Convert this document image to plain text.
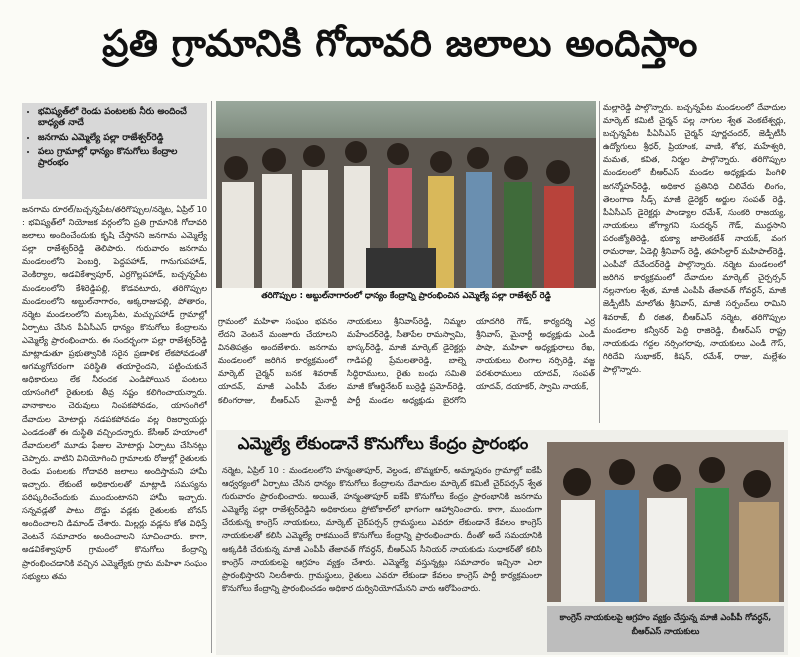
ప్రతి గ్రామానికి గోదావరి జలాలు అందిస్తాం
• భవిష్యత్‌లో రెండు పంటలకు నీరు అందించే బాధ్యత నాదే
• జనగామ ఎమ్మెల్యే పల్లా రాజేశ్వర్‌రెడ్డి
• పలు గ్రామాల్లో ధాన్యం కొనుగోలు కేంద్రాల ప్రారంభం

జనగామ రూరల్/బచ్చన్నపేట/తరిగొప్పుల/నర్మెట, ఏప్రిల్ 10 : భవిష్యత్‌లో నియోజక వర్గంలోని ప్రతి గ్రామానికి గోదావరి జలాలు అందించేందుకు కృషి చేస్తానని జనగామ ఎమ్మెల్యే పల్లా రాజేశ్వర్‌రెడ్డి తెలిపారు. గురువారం జనగామ మండలంలోని పెంబర్తి, పెద్దపహాడ్, గానుగుపహాడ్, వెంకిర్యాల, అడవికేశ్వాపూర్, ఎర్రగొల్లపహాడ్, బచ్చన్నపేట మండలంలోని కేశిరెడ్డిపల్లి, కొడవటూరు, తరిగొప్పుల మండలంలోని అబ్దుల్‌నాగారం, అక్కరాజుపల్లి, పోతారం, నర్మెట మండలంలోని మల్కపేట, మచ్చుపహాడ్ గ్రామాల్లో ఏర్పాటు చేసిన పీఏసీఎస్ ధాన్యం కొనుగోలు కేంద్రాలను ఎమ్మెల్యే ప్రారంభించారు. ఈ సందర్భంగా పల్లా రాజేశ్వర్‌రెడ్డి మాట్లాడుతూ ప్రభుత్వానికి సరైన ప్రణాళిక లేకపోవడంతో అగమ్యగోచరంగా పరిస్థితి తయారైందని, పట్టించుకునే అధికారులు లేక నీరందక ఎండిపోయిన పంటలు యాసంగిలో రైతులకు తీవ్ర నష్టం కలిగించాయన్నారు. వానాకాలం చెరువులు నింపకపోవడం, యాసంగిలో దేవాదుల మోటార్లు నడపకపోవడం వల్ల రిజర్వాయర్లు ఎండడంతో ఈ దుస్థితి వచ్చిందన్నారు. కేసీఆర్ హయాంలో దేవాదులలో మూడు ఫేజుల మోటార్లు ఏర్పాటు చేసినట్లు చెప్పారు. వాటిని వినియోగించి గ్రామాలకు రోజుల్లో రైతులకు రెండు పంటలకు గోదావరి జలాలు అందిస్తామని హామీ ఇచ్చారు. లేకుంటే అధికారులతో మాట్లాడి సమస్యను పరిష్కరించేందుకు ముందుంటానని హామీ ఇచ్చారు. సన్నవడ్లతో పాటు దొడ్డు వడ్లకు రైతులకు బోనస్ అందించాలని డిమాండ్ చేశారు. మిల్లర్లు వడ్లను కోత విధిస్తే వెంటనే సమాచారం అందించాలని సూచించారు. కాగా, అడవికేశ్వాపూర్ గ్రామంలో కొనుగోలు కేంద్రాన్ని ప్రారంభించడానికి వచ్చిన ఎమ్మెల్యేకు గ్రామ మహిళా సంఘం సభ్యులు తమ

తరిగొప్పుల : అబ్దుల్‌నాగారంలో ధాన్యం కేంద్రాన్ని ప్రారంభించిన ఎమ్మెల్యే పల్లా రాజేశ్వర్ రెడ్డి

గ్రామంలో మహిళా సంఘం భవనం లేదని వెంటనే మంజూరు చేయాలని వినతిపత్రం అందజేశారు. జనగామ మండలంలో జరిగిన కార్యక్రమంలో మార్కెట్ చైర్మన్ బనక శివరాజ్ యాదవ్, మాజీ ఎంపీపీ మేకల కలింగరాజు, బీఆర్‌ఎస్ మైనార్టీ నాయకులు శ్రీనివాస్‌రెడ్డి, నిమ్మల మహేందర్‌రెడ్డి, సీతాపేల రామస్వామి, భాస్కర్‌రెడ్డి, మాజీ మార్కెట్ డైరెక్టర్లు గాడిపల్లి ప్రేమలతారెడ్డి, బాల్నె సిద్ధిరాములు, రైతు బంధు సమితి మాజీ కోఆర్డినేటర్ బుర్రెడ్డి ప్రమోద్‌రెడ్డి, పార్టీ మండల అధ్యక్షుడు బైరగోని యాదగిరి గౌడ్, కార్యదర్శి ఎర్ర శ్రీనివాస్, మైనార్టీ అధ్యక్షుడు ఎండీ పాషా, మహిళా అధ్యక్షురాలు రేఖ, నాయకులు లింగాల నర్సిరెడ్డి, వజ్జ పరశురాములు యాదవ్, సంపత్ యాదవ్, దయాకర్, స్వామి నాయక్,

మల్లారెడ్డి పాల్గొన్నారు. బచ్చన్నపేట మండలంలో దేవాదుల మార్కెట్ కమిటీ చైర్మన్ పల్ల నాగుల శ్వేత వెంకటేశ్వర్లు, బచ్చన్నపేట పీఏసీఎస్ చైర్మన్ పూర్ణచందర్, జెడ్పీటీసీ ఉద్యోగులు శ్రీధర్, ప్రియాంక, వాణి, శోభ, మహేశ్వరి, మమత, కవిత, నిర్మల పాల్గొన్నారు. తరిగొప్పుల మండలంలో బీఆర్‌ఎస్ మండల అధ్యక్షుడు పింగిళి జగన్మోహన్‌రెడ్డి, అధికార ప్రతినిధి చిలివేరు లింగం, తెలంగాణ సీడ్స్ మాజీ డైరెక్టర్ అర్జుల సంపత్ రెడ్డి, పీఏసీఎస్ డైరెక్టర్లు పాండ్యాల రమేశ్, సుంకరి రాజయ్య, నాయకులు జోగ్యాగని సుదర్శన్ గౌడ్, ముద్దసాని పరంజ్యోతిరెడ్డి, భుక్యా జాలెంకటేశ్ నాయక్, వంగ రామరాజు, ఏడెల్లి శ్రీనివాస్ రెడ్డి, తహసిల్దార్ మహిపాల్‌రెడ్డి, ఎంపీవో దేవేందర్‌రెడ్డి పాల్గొన్నారు. నర్మెట మండలంలో జరిగిన కార్యక్రమంలో దేవాదుల మార్కెట్ చైర్పర్సన్ నల్లనాగుల శ్వేత, మాజీ ఎంపీపీ తేజావత్ గోవర్ధన్, మాజీ జెడ్పీటీసీ మాలోతు శ్రీనివాస్, మాజీ సర్పంచ్‌లు రామిని శివరాజ్, బీ రజిత, బీఆర్‌ఎస్ నర్మెట, తరిగొప్పుల మండలాల కన్వీనర్ పెద్ది రాజిరెడ్డి, బీఆర్‌ఎస్ రాష్ట్ర నాయకుడు గద్దల నర్సింగరావు, నాయకులు ఎండీ గౌస్, గిరిదేవి సుభాకర్, కిషన్, రమేశ్, రాజు, మల్లేశం పాల్గొన్నారు.

ఎమ్మెల్యే లేకుండానే కొనుగోలు కేంద్రం ప్రారంభం

నర్మెట, ఏప్రిల్ 10 : మండలంలోని హన్మంతాపూర్, వెల్దండ, బొమ్మకూర్, అమ్మాపురం గ్రామాల్లో ఐకేపీ ఆధ్వర్యంలో ఏర్పాటు చేసిన ధాన్యం కొనుగోలు కేంద్రాలను దేవాదుల మార్కెట్ కమిటీ చైర్‌పర్సన్ శ్వేత గురువారం ప్రారంభించారు. అయితే, హన్మంతాపూర్ ఐకేపీ కొనుగోలు కేంద్రం ప్రారంభానికి జనగామ ఎమ్మెల్యే పల్లా రాజేశ్వర్‌రెడ్డిని అధికారులు ప్రోటోకాల్‌లో భాగంగా ఆహ్వానించారు. కాగా, ముందుగా చేరుకున్న కాంగ్రెస్ నాయకులు, మార్కెట్ చైర్‌పర్సన్ గ్రామస్థులు ఎవరూ లేకుండానే కేవలం కాంగ్రెస్ నాయకులతో కలిసి ఎమ్మెల్యే రాకముందే కొనుగోలు కేంద్రాన్ని ప్రారంభించారు. దీంతో అదే సమయానికి అక్కడికి చేరుకున్న మాజీ ఎంపీపీ తేజావత్ గోవర్ధన్, బీఆర్‌ఎస్ సీనియర్ నాయకుడు సుధాకర్‌తో కలిసి కాంగ్రెస్ నాయకులపై ఆగ్రహం వ్యక్తం చేశారు. ఎమ్మెల్యే వస్తున్నట్లు సమాచారం ఇచ్చినా ఎలా ప్రారంభిస్తారని నిలదీశారు. గ్రామస్థులు, రైతులు ఎవరూ లేకుండా కేవలం కాంగ్రెస్ పార్టీ కార్యక్రమంలా కొనుగోలు కేంద్రాన్ని ప్రారంభించడం అధికార దుర్వినియోగమేనని వారు ఆరోపించారు.

కాంగ్రెస్ నాయకులపై ఆగ్రహం వ్యక్తం చేస్తున్న మాజీ ఎంపీపీ గోవర్ధన్, బీఆర్‌ఎస్ నాయకులు
